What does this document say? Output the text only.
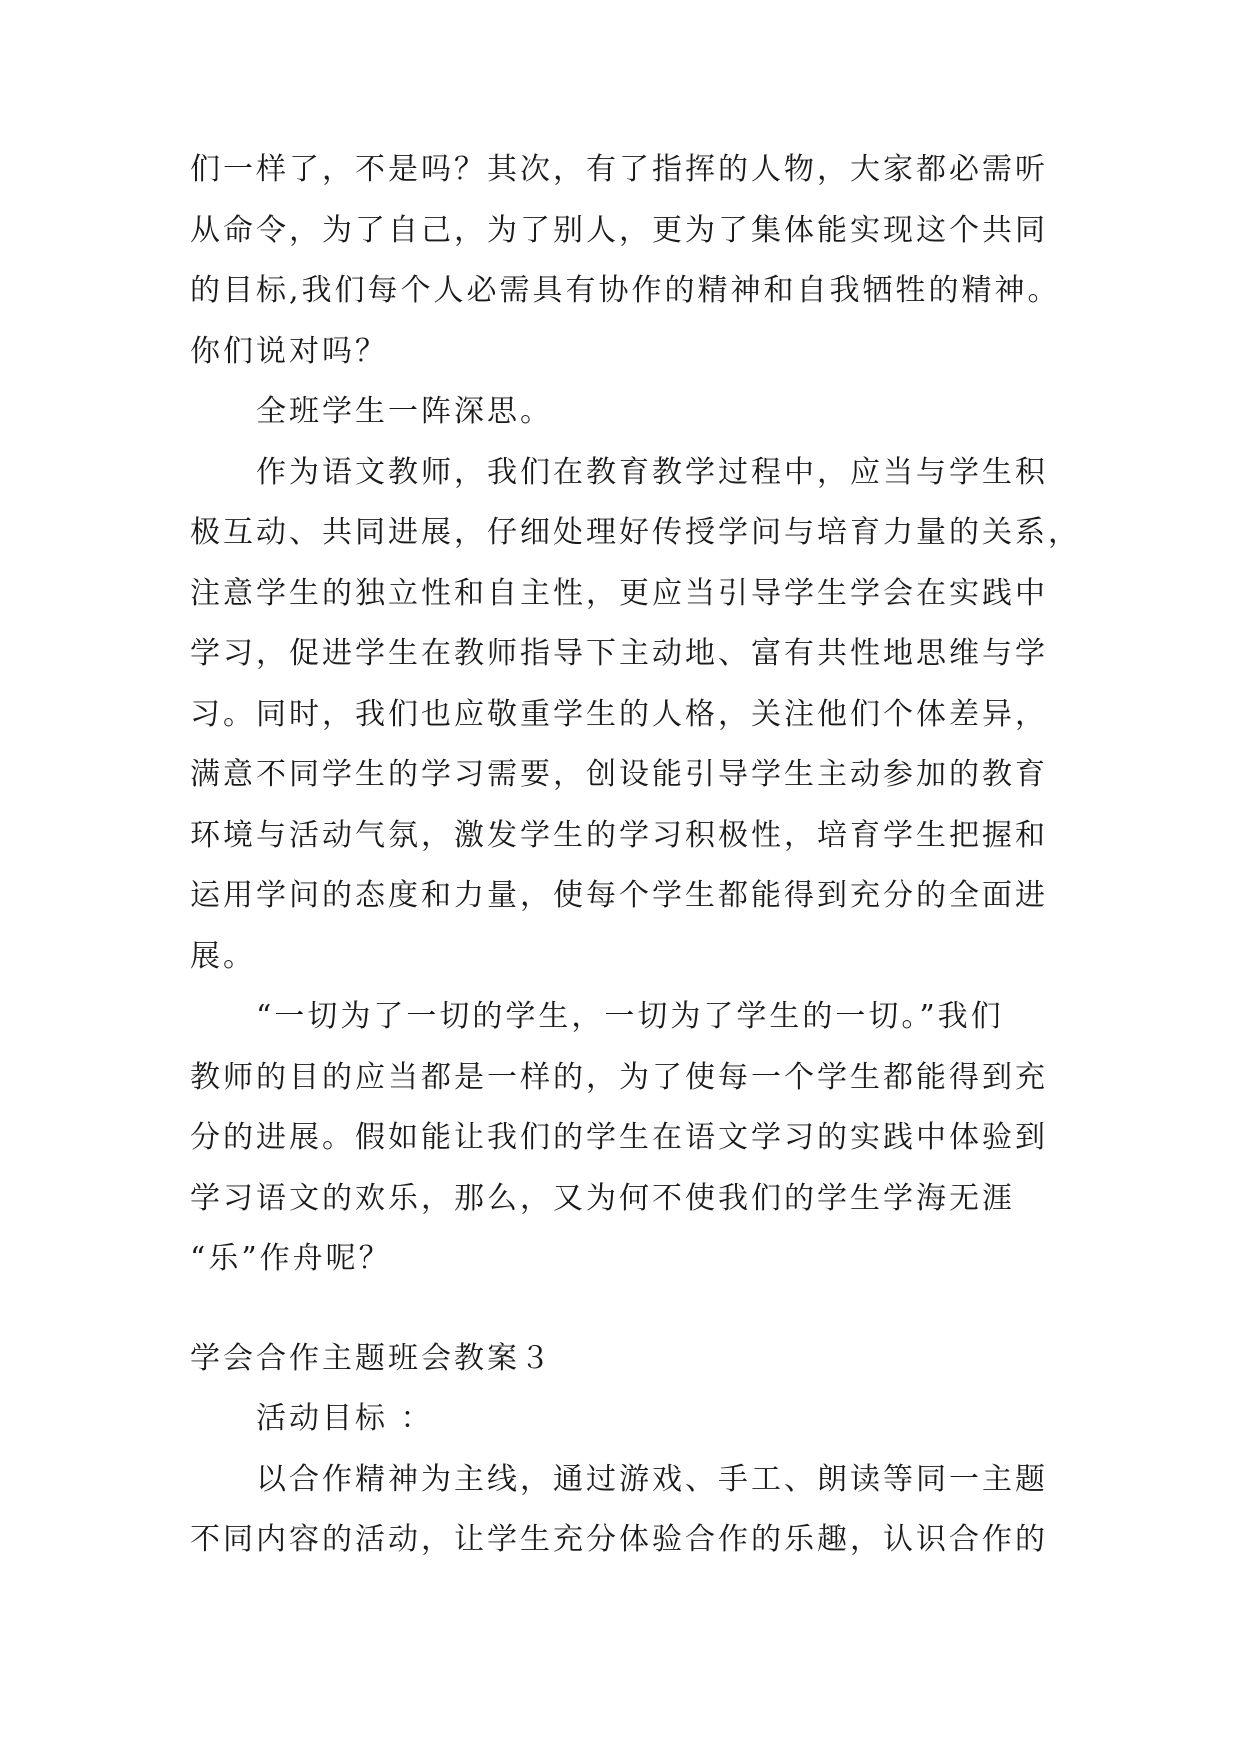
们一样了，不是吗？其次，有了指挥的人物，大家都必需听
从命令，为了自己，为了别人，更为了集体能实现这个共同
的目标,我们每个人必需具有协作的精神和自我牺牲的精神。
你们说对吗？
全班学生一阵深思。
作为语文教师，我们在教育教学过程中，应当与学生积
极互动、共同进展，仔细处理好传授学问与培育力量的关系，
注意学生的独立性和自主性，更应当引导学生学会在实践中
学习，促进学生在教师指导下主动地、富有共性地思维与学
习。同时，我们也应敬重学生的人格，关注他们个体差异，
满意不同学生的学习需要，创设能引导学生主动参加的教育
环境与活动气氛，激发学生的学习积极性，培育学生把握和
运用学问的态度和力量，使每个学生都能得到充分的全面进
展。
“一切为了一切的学生，一切为了学生的一切。”我们
教师的目的应当都是一样的，为了使每一个学生都能得到充
分的进展。假如能让我们的学生在语文学习的实践中体验到
学习语文的欢乐，那么，又为何不使我们的学生学海无涯
“乐”作舟呢？
学会合作主题班会教案３
活动目标 ：
以合作精神为主线，通过游戏、手工、朗读等同一主题
不同内容的活动，让学生充分体验合作的乐趣，认识合作的
